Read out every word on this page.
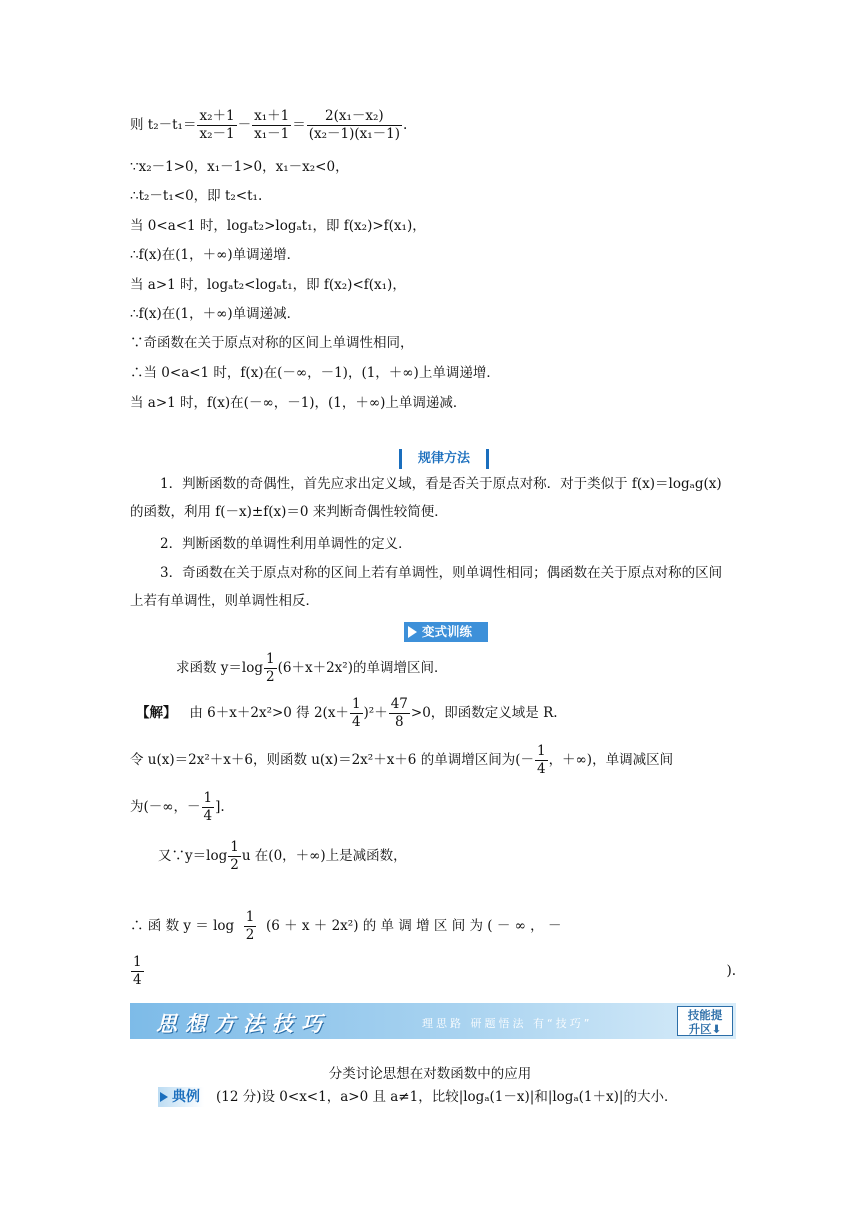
则 $t_2-t_1= \frac{\text{x₂＋1}}{\text{x₂－1}} - \frac{\text{x₁＋1}}{\text{x₁－1}} = \frac{\text{2(x₁－x₂)}}{\text{(x₂－1)(x₁－1)}}$ .
∵x₂－1>0，x₁－1>0，x₁－x₂<0，
∴t₂－t₁<0，即 t₂<t₁.
当 0<a<1 时，logₐt₂>logₐt₁，即 f(x₂)>f(x₁)，
∴f(x)在(1，＋∞)单调递增．
当 a>1 时，logₐt₂<logₐt₁，即 f(x₂)<f(x₁)，
∴f(x)在(1，＋∞)单调递减．
∵奇函数在关于原点对称的区间上单调性相同，
∴当 0<a<1 时，f(x)在(－∞，－1)，(1，＋∞)上单调递增．
当 a>1 时，f(x)在(－∞，－1)，(1，＋∞)上单调递减．
规律方法
1．判断函数的奇偶性，首先应求出定义域，看是否关于原点对称．对于类似于 f(x)＝logₐg(x)的函数，利用 f(－x)±f(x)＝0 来判断奇偶性较简便．
2．判断函数的单调性利用单调性的定义．
3．奇函数在关于原点对称的区间上若有单调性，则单调性相同；偶函数在关于原点对称的区间上若有单调性，则单调性相反．
变式训练
求函数 $y=\log \frac{1}{2} (6+x+2x^2)$的单调增区间．
【解】 由 6＋x＋2x²>0 得 $2(x+ \frac{1}{4} )^2+ \frac{47}{8} >0$，即函数定义域是 R.
令 u(x)＝2x²＋x＋6，则函数 u(x)＝2x²＋x＋6 的单调增区间为(－ $\frac{1}{4}$ ，＋∞)，单调减区间
为(－∞，－ $\frac{1}{4}$ ].
又∵y＝log $\frac{1}{2}$ u 在(0，＋∞)上是减函数，
∴ 函 数 $y = \log \frac{1}{2} (6 + x + 2x^2)$ 的 单 调 增 区 间 为 ( － ∞ ， －
$\frac{1}{4}$	).
思想方法技巧	理思路 研题悟法 有“技巧”
技能提
升区⬇
分类讨论思想在对数函数中的应用
典例 (12 分)设 0<x<1，a>0 且 a≠1，比较|logₐ(1－x)|和|logₐ(1＋x)|的大小．
